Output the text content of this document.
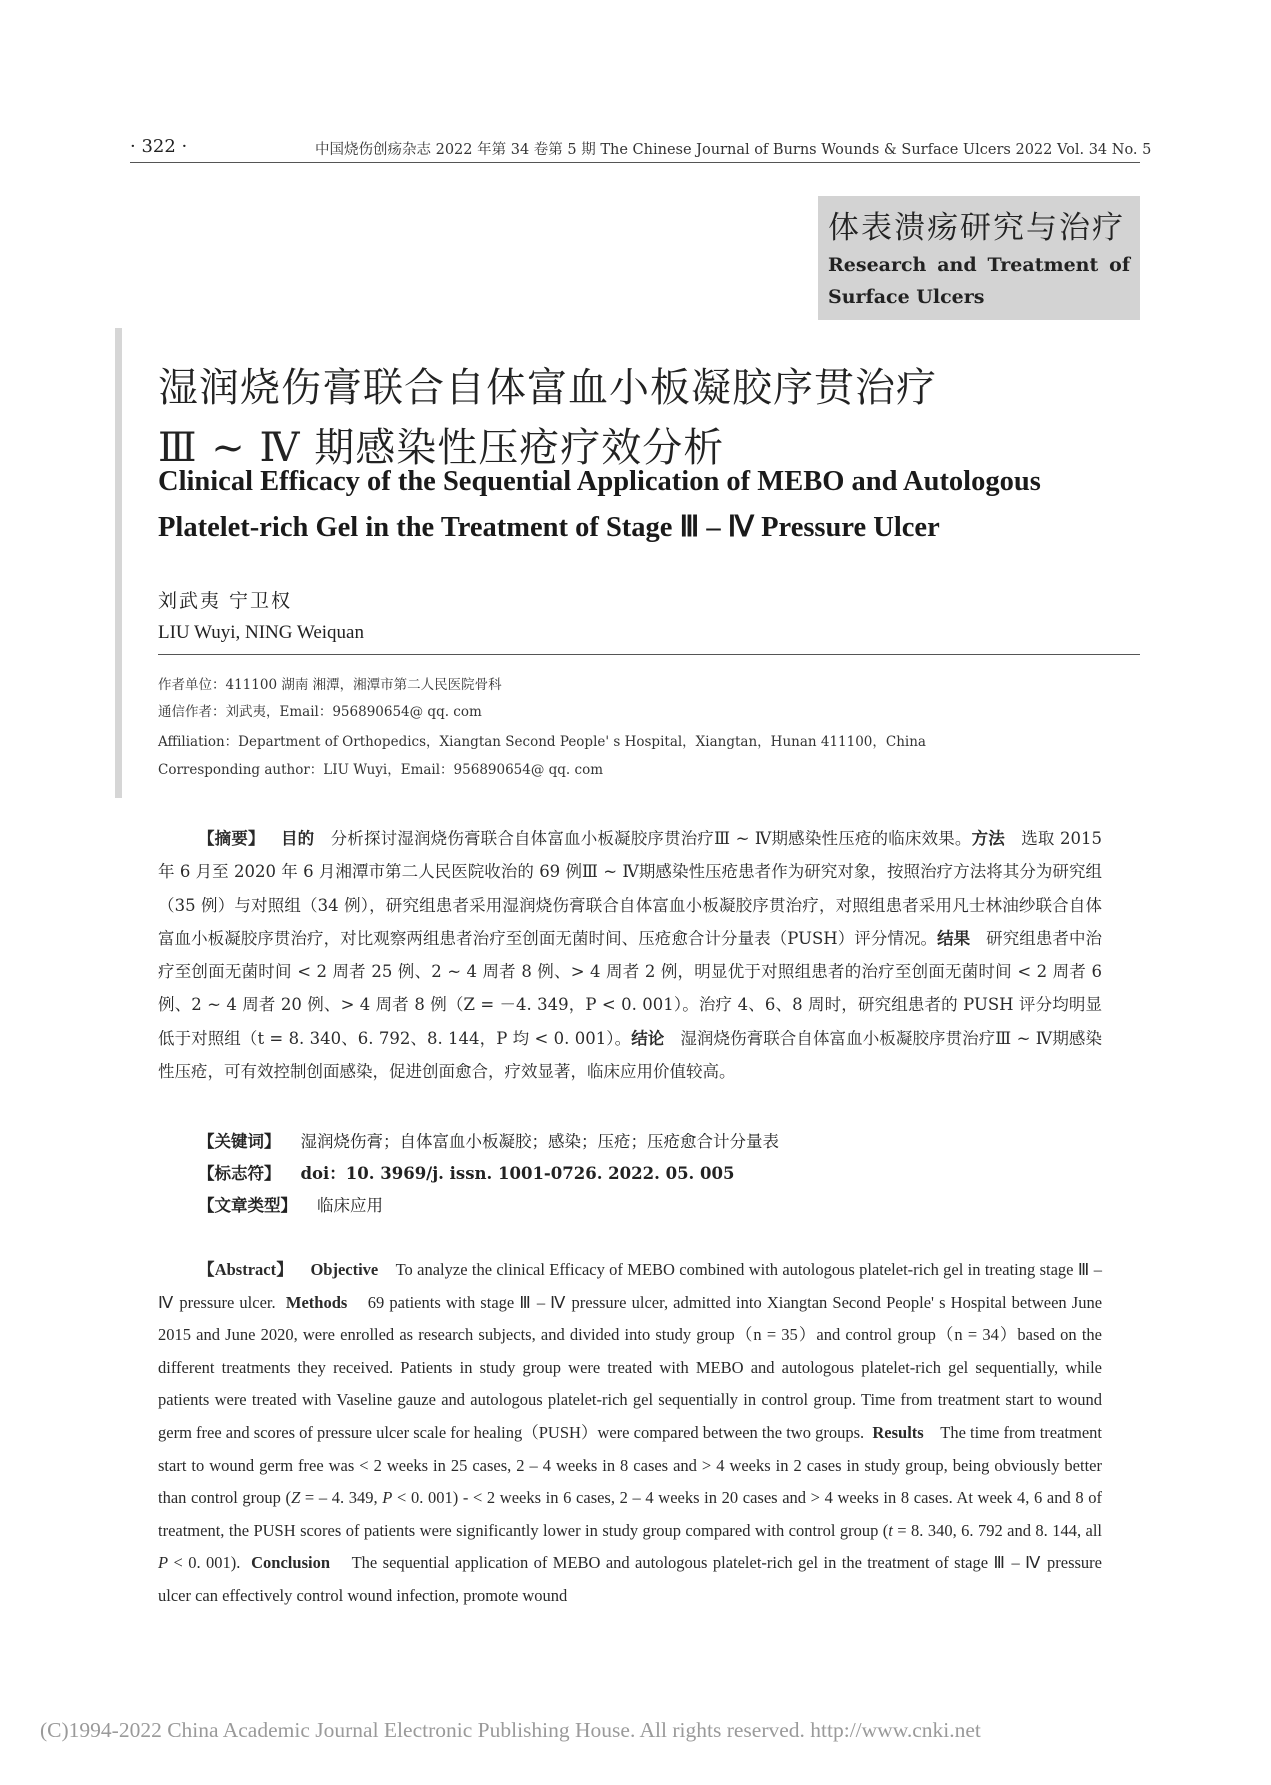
· 322 ·	中国烧伤创疡杂志 2022 年第 34 卷第 5 期 The Chinese Journal of Burns Wounds & Surface Ulcers 2022 Vol. 34 No. 5
体表溃疡研究与治疗
Research and Treatment of
Surface Ulcers
湿润烧伤膏联合自体富血小板凝胶序贯治疗
Ⅲ ~ Ⅳ 期感染性压疮疗效分析
Clinical Efficacy of the Sequential Application of MEBO and Autologous
Platelet-rich Gel in the Treatment of Stage Ⅲ – Ⅳ Pressure Ulcer
刘武夷 宁卫权
LIU Wuyi, NING Weiquan
作者单位：411100 湖南 湘潭，湘潭市第二人民医院骨科
通信作者：刘武夷，Email：956890654@ qq. com
Affiliation：Department of Orthopedics，Xiangtan Second People' s Hospital，Xiangtan，Hunan 411100，China
Corresponding author：LIU Wuyi，Email：956890654@ qq. com
【摘要】 目的 分析探讨湿润烧伤膏联合自体富血小板凝胶序贯治疗Ⅲ ~ Ⅳ期感染性压疮的临床效果。方法 选取 2015 年 6 月至 2020 年 6 月湘潭市第二人民医院收治的 69 例Ⅲ ~ Ⅳ期感染性压疮患者作为研究对象，按照治疗方法将其分为研究组（35 例）与对照组（34 例），研究组患者采用湿润烧伤膏联合自体富血小板凝胶序贯治疗，对照组患者采用凡士林油纱联合自体富血小板凝胶序贯治疗，对比观察两组患者治疗至创面无菌时间、压疮愈合计分量表（PUSH）评分情况。结果 研究组患者中治疗至创面无菌时间 < 2 周者 25 例、2 ~ 4 周者 8 例、> 4 周者 2 例，明显优于对照组患者的治疗至创面无菌时间 < 2 周者 6 例、2 ~ 4 周者 20 例、> 4 周者 8 例（Z = －4. 349，P < 0. 001）。治疗 4、6、8 周时，研究组患者的 PUSH 评分均明显低于对照组（t = 8. 340、6. 792、8. 144，P 均 < 0. 001）。结论 湿润烧伤膏联合自体富血小板凝胶序贯治疗Ⅲ ~ Ⅳ期感染性压疮，可有效控制创面感染，促进创面愈合，疗效显著，临床应用价值较高。
【关键词】 湿润烧伤膏；自体富血小板凝胶；感染；压疮；压疮愈合计分量表
【标志符】 doi：10. 3969/j. issn. 1001-0726. 2022. 05. 005
【文章类型】 临床应用
【Abstract】 Objective To analyze the clinical Efficacy of MEBO combined with autologous platelet-rich gel in treating stage Ⅲ – Ⅳ pressure ulcer. Methods 69 patients with stage Ⅲ – Ⅳ pressure ulcer, admitted into Xiangtan Second People' s Hospital between June 2015 and June 2020, were enrolled as research subjects, and divided into study group（n = 35）and control group（n = 34）based on the different treatments they received. Patients in study group were treated with MEBO and autologous platelet-rich gel sequentially, while patients were treated with Vaseline gauze and autologous platelet-rich gel sequentially in control group. Time from treatment start to wound germ free and scores of pressure ulcer scale for healing（PUSH）were compared between the two groups. Results The time from treatment start to wound germ free was < 2 weeks in 25 cases, 2 – 4 weeks in 8 cases and > 4 weeks in 2 cases in study group, being obviously better than control group (Z = – 4. 349, P < 0. 001) - < 2 weeks in 6 cases, 2 – 4 weeks in 20 cases and > 4 weeks in 8 cases. At week 4, 6 and 8 of treatment, the PUSH scores of patients were significantly lower in study group compared with control group (t = 8. 340, 6. 792 and 8. 144, all P < 0. 001). Conclusion The sequential application of MEBO and autologous platelet-rich gel in the treatment of stage Ⅲ – Ⅳ pressure ulcer can effectively control wound infection, promote wound
(C)1994-2022 China Academic Journal Electronic Publishing House. All rights reserved. http://www.cnki.net
